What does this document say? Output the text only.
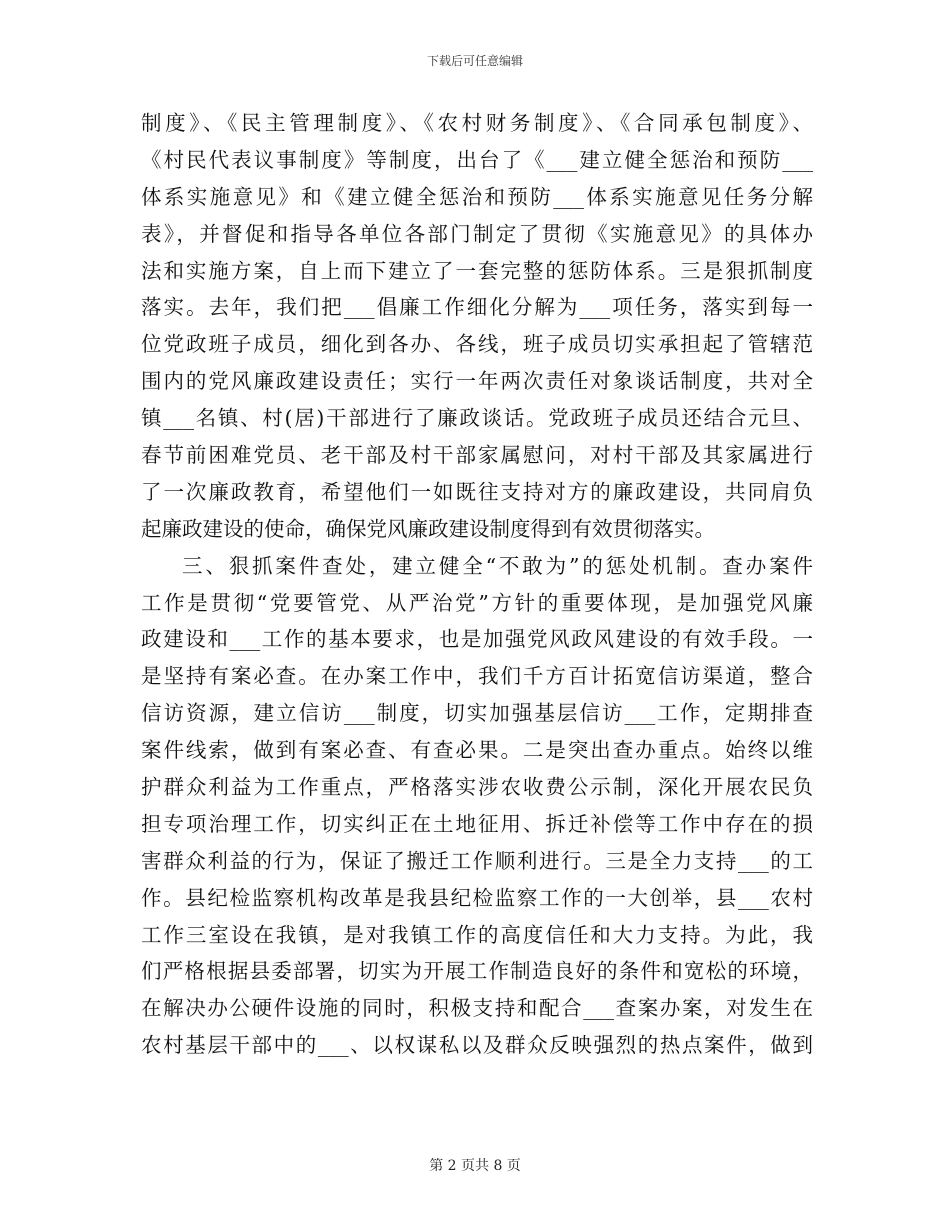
下载后可任意编辑
制度》、《民主管理制度》、《农村财务制度》、《合同承包制度》、
《村民代表议事制度》等制度，出台了《___建立健全惩治和预防___
体系实施意见》和《建立健全惩治和预防___体系实施意见任务分解
表》，并督促和指导各单位各部门制定了贯彻《实施意见》的具体办
法和实施方案，自上而下建立了一套完整的惩防体系。三是狠抓制度
落实。去年，我们把___倡廉工作细化分解为___项任务，落实到每一
位党政班子成员，细化到各办、各线，班子成员切实承担起了管辖范
围内的党风廉政建设责任；实行一年两次责任对象谈话制度，共对全
镇___名镇、村(居)干部进行了廉政谈话。党政班子成员还结合元旦、
春节前困难党员、老干部及村干部家属慰问，对村干部及其家属进行
了一次廉政教育，希望他们一如既往支持对方的廉政建设，共同肩负
起廉政建设的使命，确保党风廉政建设制度得到有效贯彻落实。
三、狠抓案件查处，建立健全“不敢为”的惩处机制。查办案件
工作是贯彻“党要管党、从严治党”方针的重要体现，是加强党风廉
政建设和___工作的基本要求，也是加强党风政风建设的有效手段。一
是坚持有案必查。在办案工作中，我们千方百计拓宽信访渠道，整合
信访资源，建立信访___制度，切实加强基层信访___工作，定期排查
案件线索，做到有案必查、有查必果。二是突出查办重点。始终以维
护群众利益为工作重点，严格落实涉农收费公示制，深化开展农民负
担专项治理工作，切实纠正在土地征用、拆迁补偿等工作中存在的损
害群众利益的行为，保证了搬迁工作顺利进行。三是全力支持___的工
作。县纪检监察机构改革是我县纪检监察工作的一大创举，县___农村
工作三室设在我镇，是对我镇工作的高度信任和大力支持。为此，我
们严格根据县委部署，切实为开展工作制造良好的条件和宽松的环境，
在解决办公硬件设施的同时，积极支持和配合___查案办案，对发生在
农村基层干部中的___、以权谋私以及群众反映强烈的热点案件，做到
第 2 页共 8 页
